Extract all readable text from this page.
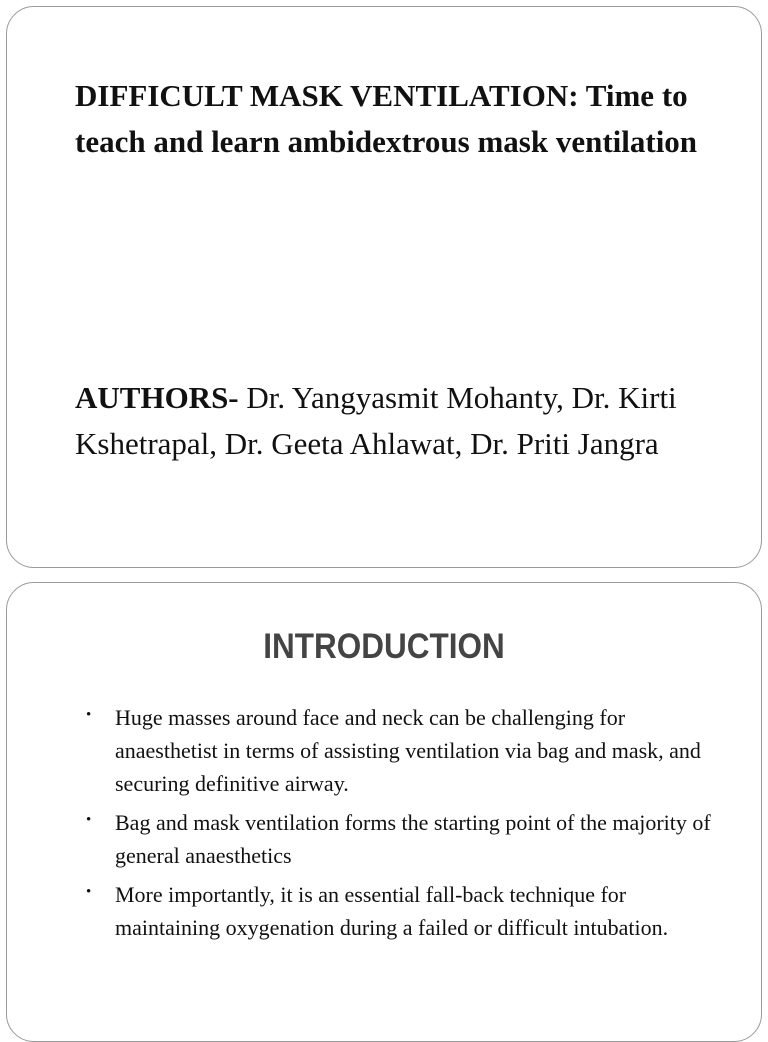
DIFFICULT MASK VENTILATION: Time to teach and learn ambidextrous mask ventilation

AUTHORS- Dr. Yangyasmit Mohanty, Dr. Kirti Kshetrapal, Dr. Geeta Ahlawat, Dr. Priti Jangra

INTRODUCTION
• Huge masses around face and neck can be challenging for anaesthetist in terms of assisting ventilation via bag and mask, and securing definitive airway.
• Bag and mask ventilation forms the starting point of the majority of general anaesthetics
• More importantly, it is an essential fall-back technique for maintaining oxygenation during a failed or difficult intubation.
